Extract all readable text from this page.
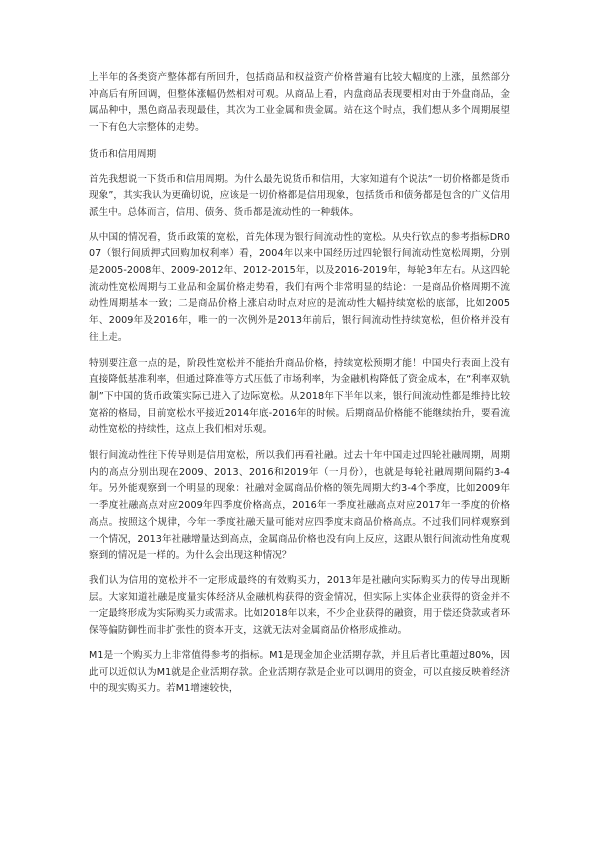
上半年的各类资产整体都有所回升，包括商品和权益资产价格普遍有比较大幅度的上涨，虽然部分冲高后有所回调，但整体涨幅仍然相对可观。从商品上看，内盘商品表现要相对由于外盘商品，金属品种中，黑色商品表现最佳，其次为工业金属和贵金属。站在这个时点，我们想从多个周期展望一下有色大宗整体的走势。

货币和信用周期

首先我想说一下货币和信用周期。为什么最先说货币和信用，大家知道有个说法“一切价格都是货币现象”，其实我认为更确切说，应该是一切价格都是信用现象，包括货币和债务都是包含的广义信用派生中。总体而言，信用、债务、货币都是流动性的一种载体。

从中国的情况看，货币政策的宽松，首先体现为银行间流动性的宽松。从央行钦点的参考指标DR007（银行间质押式回购加权利率）看，2004年以来中国经历过四轮银行间流动性宽松周期，分别是2005-2008年、2009-2012年、2012-2015年，以及2016-2019年，每轮3年左右。从这四轮流动性宽松周期与工业品和金属价格走势看，我们有两个非常明显的结论：一是商品价格周期不流动性周期基本一致；二是商品价格上涨启动时点对应的是流动性大幅持续宽松的底部，比如2005年、2009年及2016年，唯一的一次例外是2013年前后，银行间流动性持续宽松，但价格并没有往上走。

特别要注意一点的是，阶段性宽松并不能抬升商品价格，持续宽松预期才能！中国央行表面上没有直接降低基准利率，但通过降准等方式压低了市场利率，为金融机构降低了资金成本，在“利率双轨制”下中国的货币政策实际已进入了边际宽松。从2018年下半年以来，银行间流动性都是维持比较宽裕的格局，目前宽松水平接近2014年底-2016年的时候。后期商品价格能不能继续抬升，要看流动性宽松的持续性，这点上我们相对乐观。

银行间流动性往下传导则是信用宽松，所以我们再看社融。过去十年中国走过四轮社融周期，周期内的高点分别出现在2009、2013、2016和2019年（一月份），也就是每轮社融周期间隔约3-4年。另外能观察到一个明显的现象：社融对金属商品价格的领先周期大约3-4个季度，比如2009年一季度社融高点对应2009年四季度价格高点，2016年一季度社融高点对应2017年一季度的价格高点。按照这个规律，今年一季度社融天量可能对应四季度末商品价格高点。不过我们同样观察到一个情况，2013年社融增量达到高点，金属商品价格也没有向上反应，这跟从银行间流动性角度观察到的情况是一样的。为什么会出现这种情况？

我们认为信用的宽松并不一定形成最终的有效购买力，2013年是社融向实际购买力的传导出现断层。大家知道社融是度量实体经济从金融机构获得的资金情况，但实际上实体企业获得的资金并不一定最终形成为实际购买力或需求。比如2018年以来，不少企业获得的融资，用于偿还贷款或者环保等偏防御性而非扩张性的资本开支，这就无法对金属商品价格形成推动。

M1是一个购买力上非常值得参考的指标。M1是现金加企业活期存款，并且后者比重超过80%，因此可以近似认为M1就是企业活期存款。企业活期存款是企业可以调用的资金，可以直接反映着经济中的现实购买力。若M1增速较快，
